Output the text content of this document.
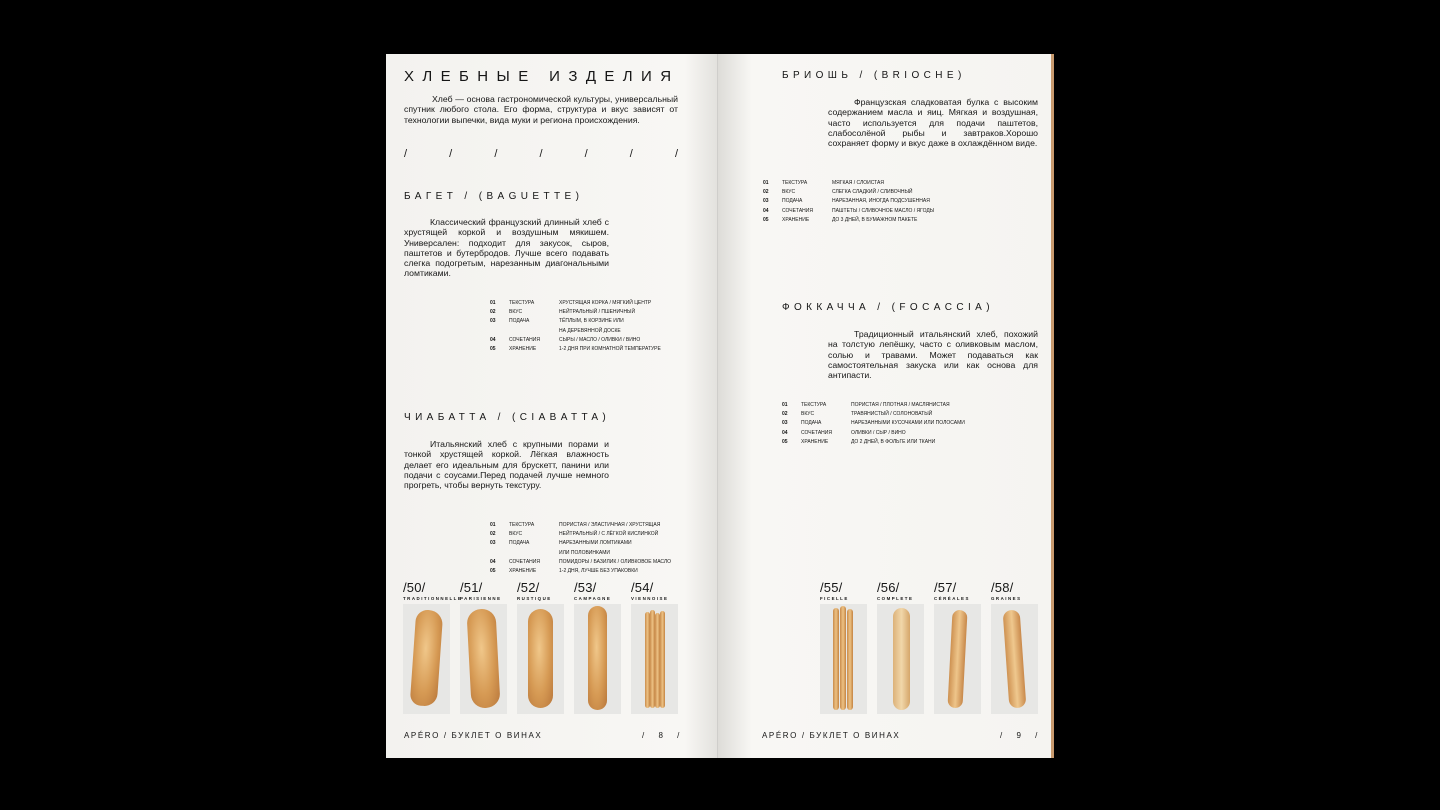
ХЛЕБНЫЕ ИЗДЕЛИЯ
Хлеб — основа гастрономической культуры, универсальный спутник любого стола. Его форма, структура и вкус зависят от технологии выпечки, вида муки и региона происхождения.
/	/	/	/	/	/	/
БАГЕТ / (BAGUETTE)
Классический французский длинный хлеб с хрустящей коркой и воздушным мякишем. Универсален: подходит для закусок, сыров, паштетов и бутербродов. Лучше всего подавать слегка подогретым, нарезанным диагональными ломтиками.
01	ТЕКСТУРА	ХРУСТЯЩАЯ КОРКА / МЯГКИЙ ЦЕНТР
02	ВКУС	НЕЙТРАЛЬНЫЙ / ПШЕНИЧНЫЙ
03	ПОДАЧА	ТЁПЛЫМ, В КОРЗИНЕ ИЛИ
НА ДЕРЕВЯННОЙ ДОСКЕ
04	СОЧЕТАНИЯ	СЫРЫ / МАСЛО / ОЛИВКИ / ВИНО
05	ХРАНЕНИЕ	1-2 ДНЯ ПРИ КОМНАТНОЙ ТЕМПЕРАТУРЕ
ЧИАБАТТА / (CIABATTA)
Итальянский хлеб с крупными порами и тонкой хрустящей коркой. Лёгкая влажность делает его идеальным для брускетт, панини или подачи с соусами.Перед подачей лучше немного прогреть, чтобы вернуть текстуру.
01	ТЕКСТУРА	ПОРИСТАЯ / ЭЛАСТИЧНАЯ / ХРУСТЯЩАЯ
02	ВКУС	НЕЙТРАЛЬНЫЙ / С ЛЁГКОЙ КИСЛИНКОЙ
03	ПОДАЧА	НАРЕЗАННЫМИ ЛОМТИКАМИ
ИЛИ ПОЛОВИНКАМИ
04	СОЧЕТАНИЯ	ПОМИДОРЫ / БАЗИЛИК / ОЛИВКОВОЕ МАСЛО
05	ХРАНЕНИЕ	1-2 ДНЯ, ЛУЧШЕ БЕЗ УПАКОВКИ
/50/
TRADITIONNELLE
/51/
PARISIENNE
/52/
RUSTIQUE
/53/
CAMPAGNE
/54/
VIENNOISE
APÉRO / БУКЛЕТ О ВИНАХ	/ 8 /
БРИОШЬ / (BRIOCHE)
Французская сладковатая булка с высоким содержанием масла и яиц. Мягкая и воздушная, часто используется для подачи паштетов, слабосолёной рыбы и завтраков.Хорошо сохраняет форму и вкус даже в охлаждённом виде.
01	ТЕКСТУРА	МЯГКАЯ / СЛОИСТАЯ
02	ВКУС	СЛЕГКА СЛАДКИЙ / СЛИВОЧНЫЙ
03	ПОДАЧА	НАРЕЗАННАЯ, ИНОГДА ПОДСУШЕННАЯ
04	СОЧЕТАНИЯ	ПАШТЕТЫ / СЛИВОЧНОЕ МАСЛО / ЯГОДЫ
05	ХРАНЕНИЕ	ДО 3 ДНЕЙ, В БУМАЖНОМ ПАКЕТЕ
ФОККАЧЧА / (FOCACCIA)
Традиционный итальянский хлеб, похожий на толстую лепёшку, часто с оливковым маслом, солью и травами. Может подаваться как самостоятельная закуска или как основа для антипасти.
01	ТЕКСТУРА	ПОРИСТАЯ / ПЛОТНАЯ / МАСЛЯНИСТАЯ
02	ВКУС	ТРАВЯНИСТЫЙ / СОЛОНОВАТЫЙ
03	ПОДАЧА	НАРЕЗАННЫМИ КУСОЧКАМИ ИЛИ ПОЛОСАМИ
04	СОЧЕТАНИЯ	ОЛИВКИ / СЫР / ВИНО
05	ХРАНЕНИЕ	ДО 2 ДНЕЙ, В ФОЛЬГЕ ИЛИ ТКАНИ
/55/
FICELLE
/56/
COMPLETE
/57/
CÉRÉALES
/58/
GRAINES
APÉRO / БУКЛЕТ О ВИНАХ	/ 9 /
